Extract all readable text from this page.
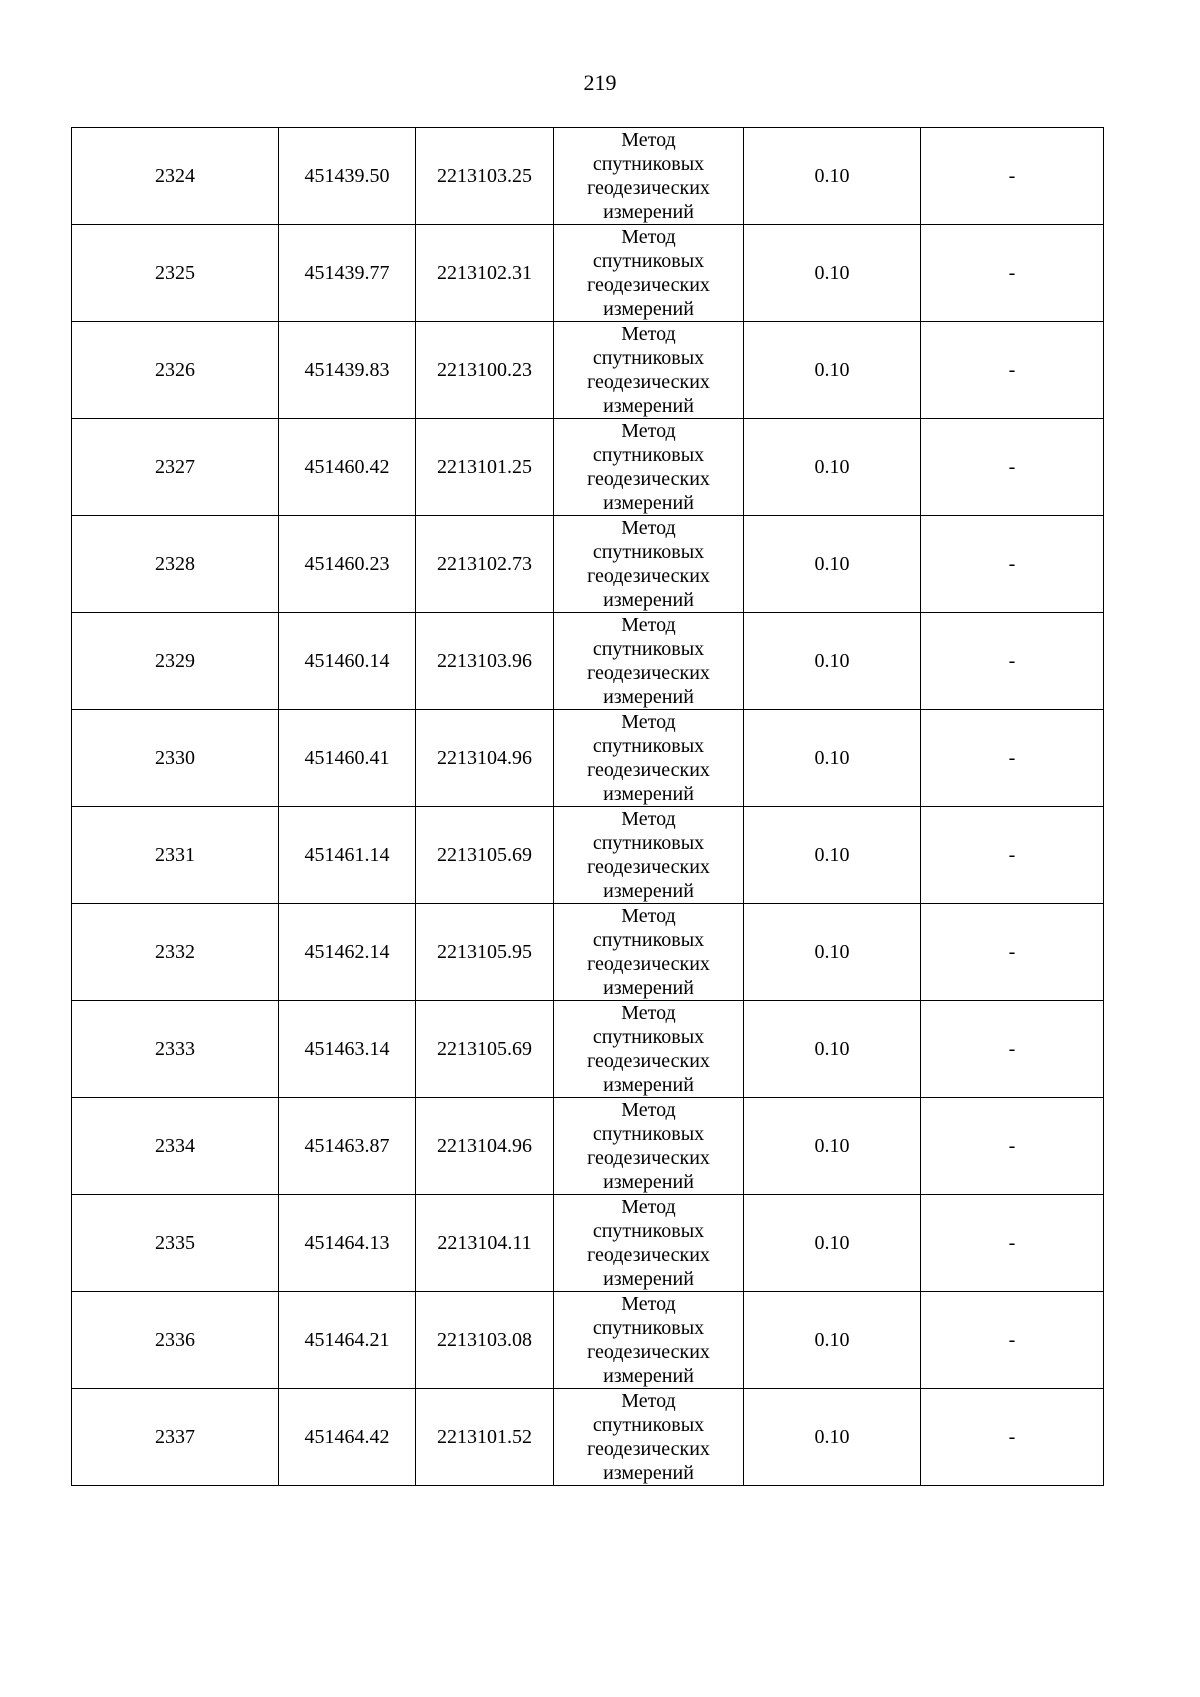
219
2324	451439.50	2213103.25	Метод
спутниковых
геодезических
измерений	0.10	-
2325	451439.77	2213102.31	Метод
спутниковых
геодезических
измерений	0.10	-
2326	451439.83	2213100.23	Метод
спутниковых
геодезических
измерений	0.10	-
2327	451460.42	2213101.25	Метод
спутниковых
геодезических
измерений	0.10	-
2328	451460.23	2213102.73	Метод
спутниковых
геодезических
измерений	0.10	-
2329	451460.14	2213103.96	Метод
спутниковых
геодезических
измерений	0.10	-
2330	451460.41	2213104.96	Метод
спутниковых
геодезических
измерений	0.10	-
2331	451461.14	2213105.69	Метод
спутниковых
геодезических
измерений	0.10	-
2332	451462.14	2213105.95	Метод
спутниковых
геодезических
измерений	0.10	-
2333	451463.14	2213105.69	Метод
спутниковых
геодезических
измерений	0.10	-
2334	451463.87	2213104.96	Метод
спутниковых
геодезических
измерений	0.10	-
2335	451464.13	2213104.11	Метод
спутниковых
геодезических
измерений	0.10	-
2336	451464.21	2213103.08	Метод
спутниковых
геодезических
измерений	0.10	-
2337	451464.42	2213101.52	Метод
спутниковых
геодезических
измерений	0.10	-
